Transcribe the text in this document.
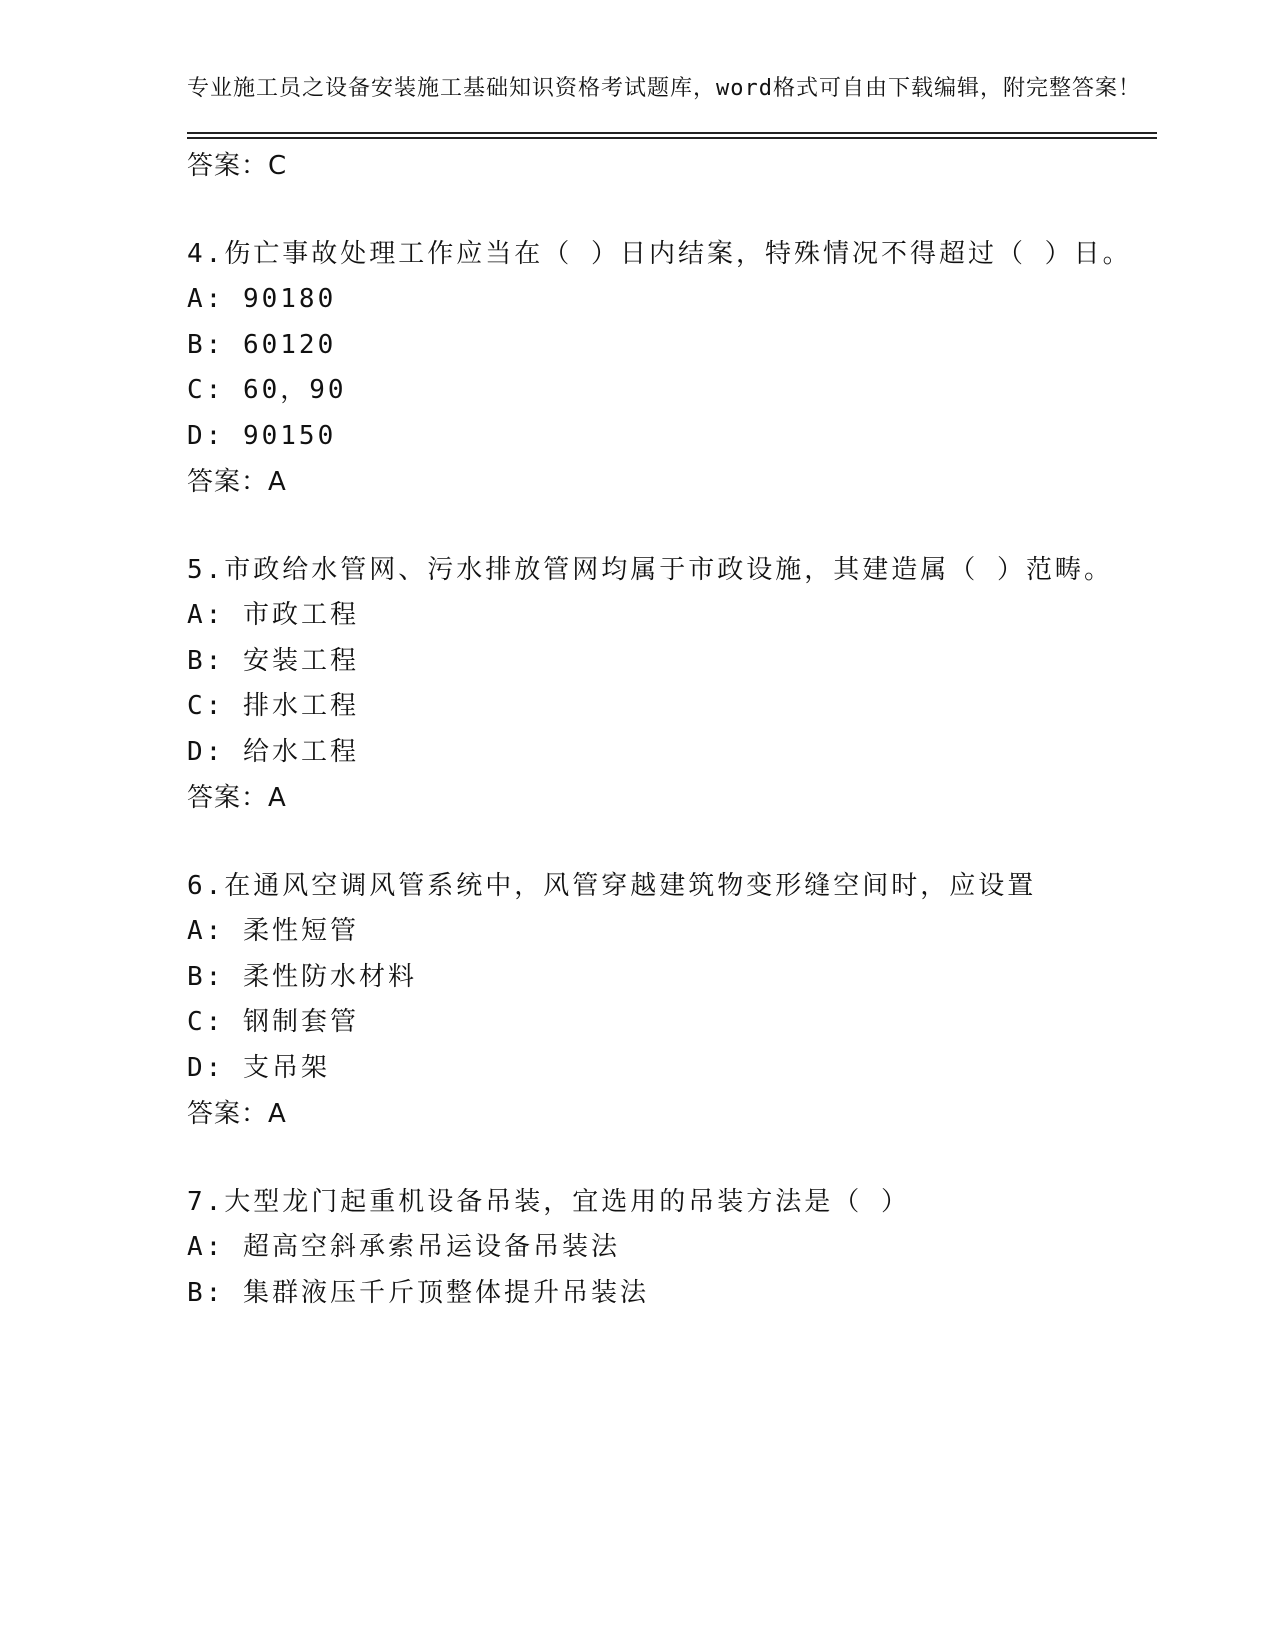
专业施工员之设备安装施工基础知识资格考试题库，word格式可自由下载编辑，附完整答案！

答案：C

4.伤亡事故处理工作应当在（ ）日内结案，特殊情况不得超过（ ）日。

A: 90180

B: 60120

C: 60，90

D: 90150

答案：A

5.市政给水管网、污水排放管网均属于市政设施，其建造属（ ）范畴。

A: 市政工程

B: 安装工程

C: 排水工程

D: 给水工程

答案：A

6.在通风空调风管系统中，风管穿越建筑物变形缝空间时，应设置

A: 柔性短管

B: 柔性防水材料

C: 钢制套管

D: 支吊架

答案：A

7.大型龙门起重机设备吊装，宜选用的吊装方法是（ ）

A: 超高空斜承索吊运设备吊装法

B: 集群液压千斤顶整体提升吊装法
